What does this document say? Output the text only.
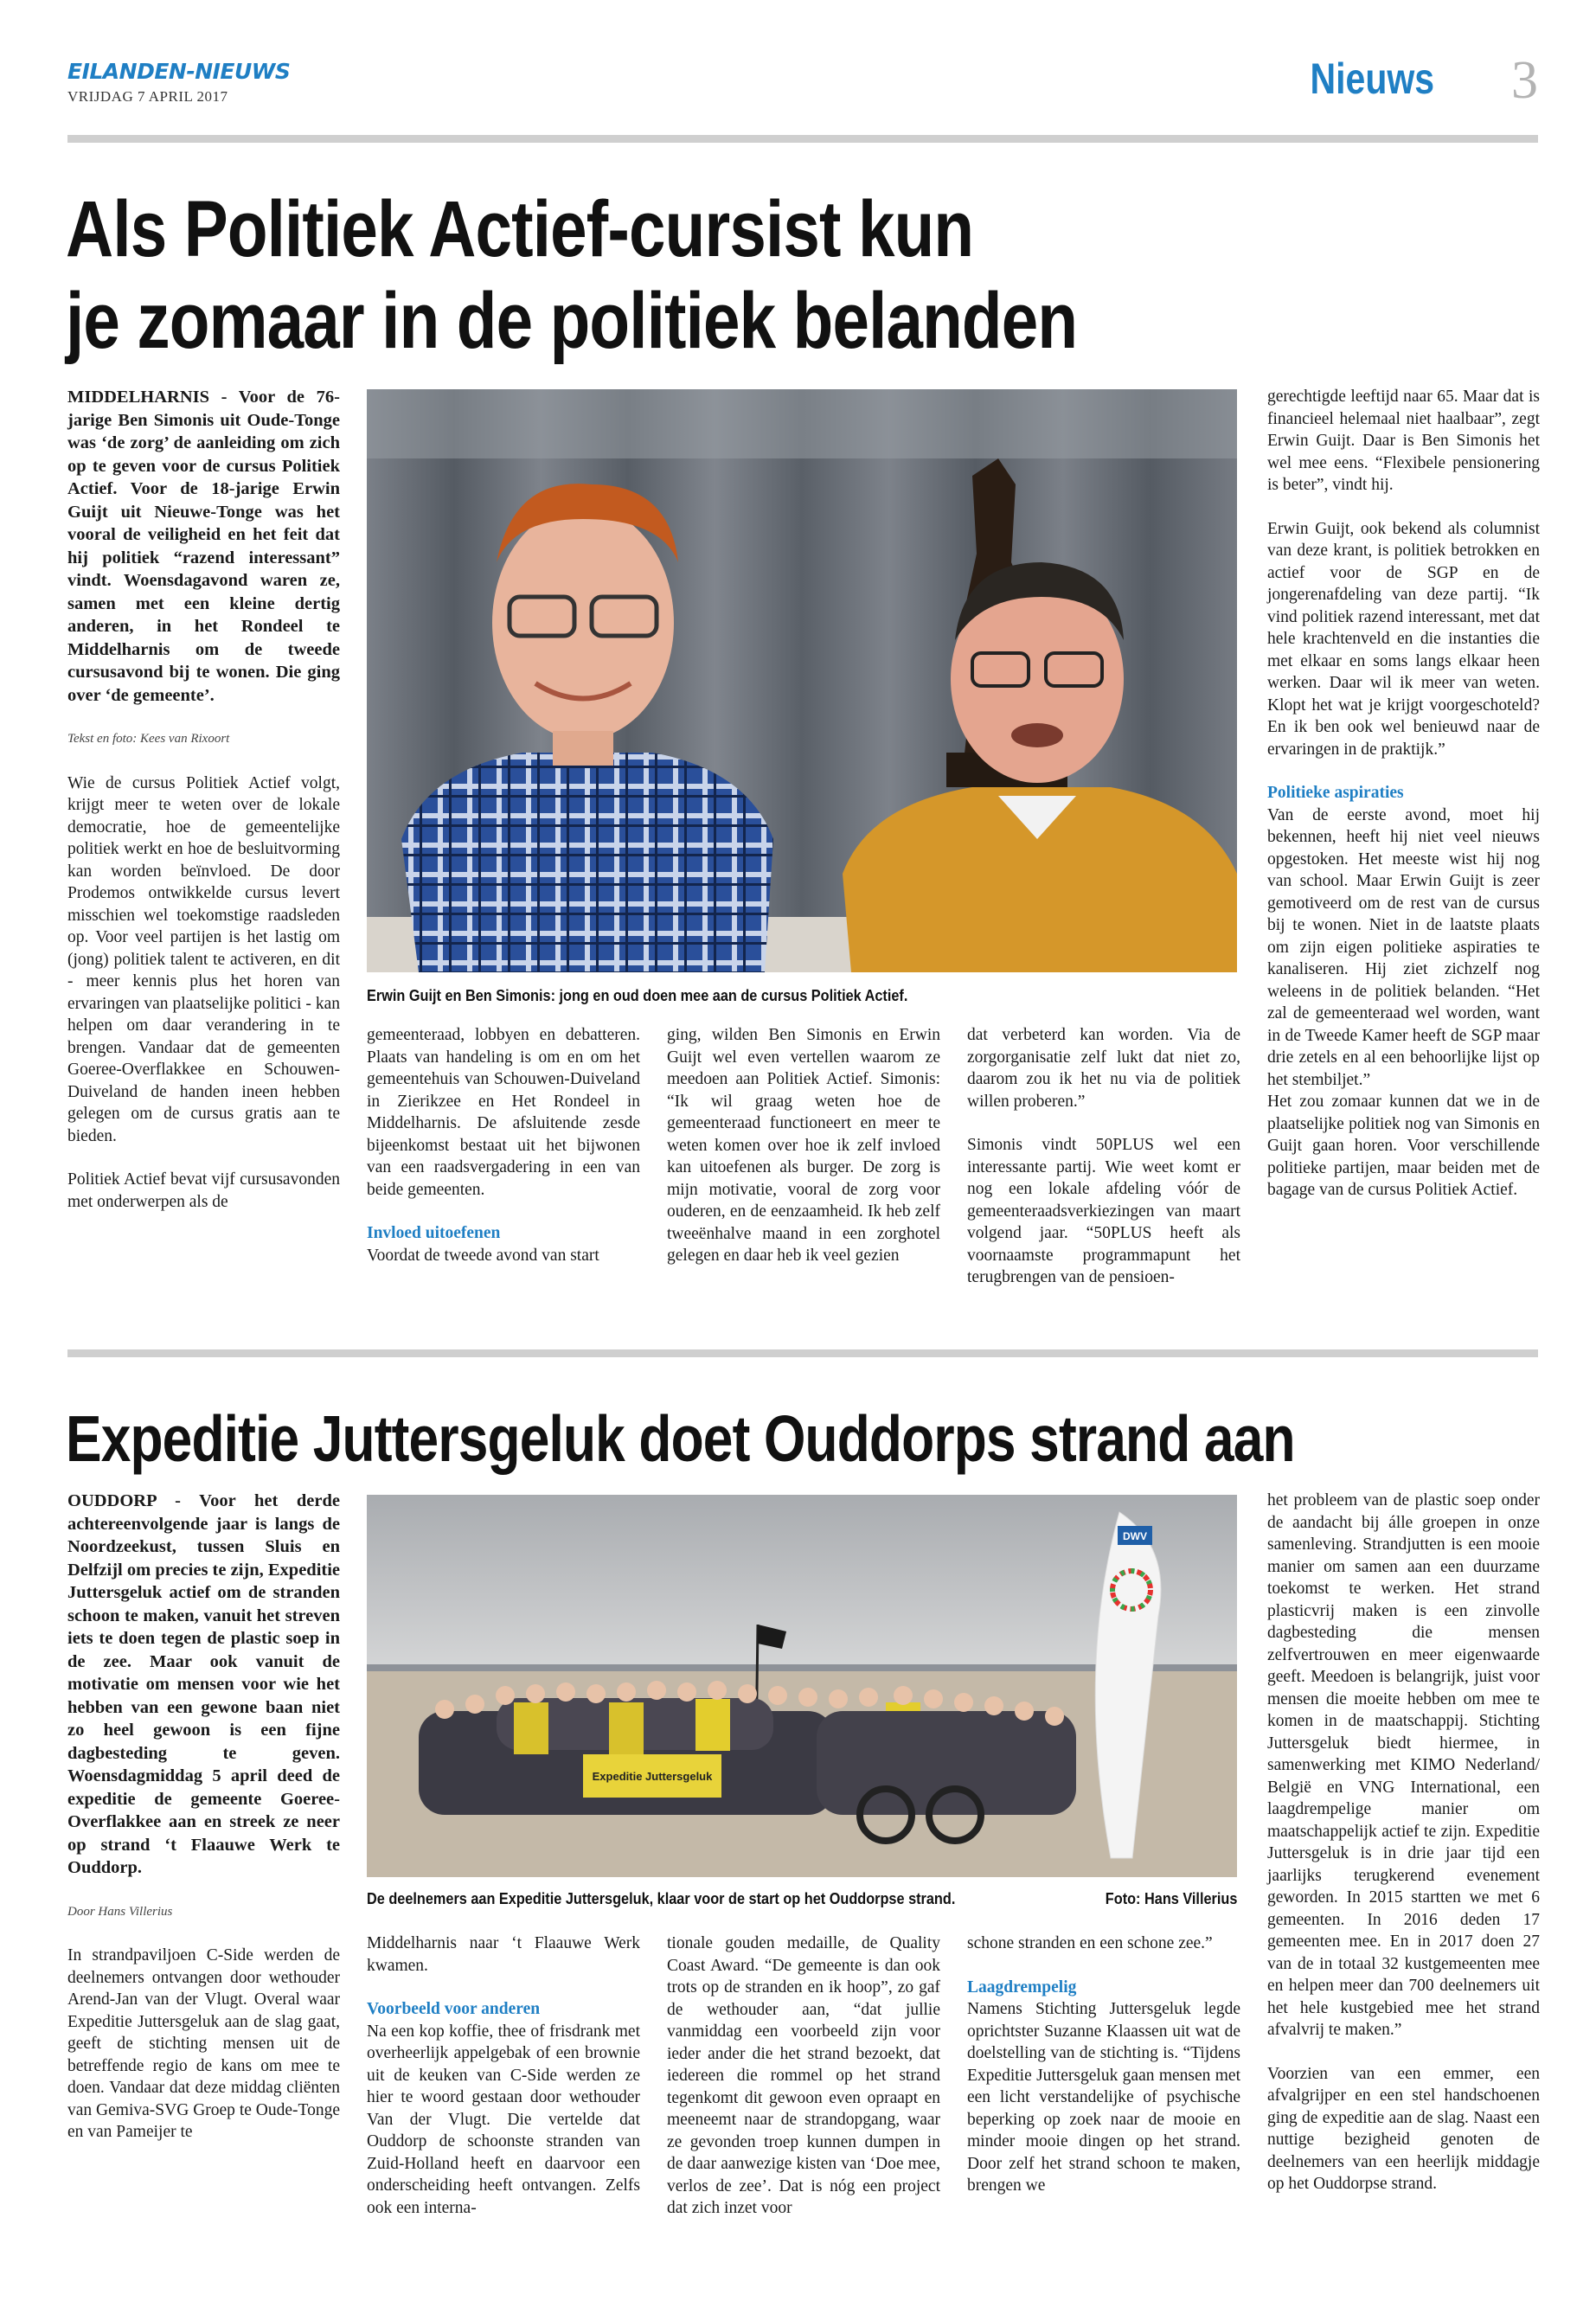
EILANDEN-NIEUWS
VRIJDAG 7 APRIL 2017	Nieuws 3
Als Politiek Actief-cursist kun
je zomaar in de politiek belanden

MIDDELHARNIS - Voor de 76-jarige Ben Simonis uit Oude-Tonge was ‘de zorg’ de aanleiding om zich op te geven voor de cursus Politiek Actief. Voor de 18-jarige Erwin Guijt uit Nieuwe-Tonge was het vooral de veiligheid en het feit dat hij politiek “razend interessant” vindt. Woensdagavond waren ze, samen met een kleine dertig anderen, in het Rondeel te Middelharnis om de tweede cursusavond bij te wonen. Die ging over ‘de gemeente’.

Tekst en foto: Kees van Rixoort

Wie de cursus Politiek Actief volgt, krijgt meer te weten over de lokale democratie, hoe de gemeentelijke politiek werkt en hoe de besluitvorming kan worden beïnvloed. De door Prodemos ontwikkelde cursus levert misschien wel toekomstige raadsleden op. Voor veel partijen is het lastig om (jong) politiek talent te activeren, en dit - meer kennis plus het horen van ervaringen van plaatselijke politici - kan helpen om daar verandering in te brengen. Vandaar dat de gemeenten Goeree-Overflakkee en Schouwen-Duiveland de handen ineen hebben gelegen om de cursus gratis aan te bieden.

Politiek Actief bevat vijf cursusavonden met onderwerpen als de

Erwin Guijt en Ben Simonis: jong en oud doen mee aan de cursus Politiek Actief.

gemeenteraad, lobbyen en debatteren. Plaats van handeling is om en om het gemeentehuis van Schouwen-Duiveland in Zierikzee en Het Rondeel in Middelharnis. De afsluitende zesde bijeenkomst bestaat uit het bijwonen van een raadsvergadering in een van beide gemeenten.

Invloed uitoefenen
Voordat de tweede avond van start

ging, wilden Ben Simonis en Erwin Guijt wel even vertellen waarom ze meedoen aan Politiek Actief. Simonis: “Ik wil graag weten hoe de gemeenteraad functioneert en meer te weten komen over hoe ik zelf invloed kan uitoefenen als burger. De zorg is mijn motivatie, vooral de zorg voor ouderen, en de eenzaamheid. Ik heb zelf tweeënhalve maand in een zorghotel gelegen en daar heb ik veel gezien

dat verbeterd kan worden. Via de zorgorganisatie zelf lukt dat niet zo, daarom zou ik het nu via de politiek willen proberen.”

Simonis vindt 50PLUS wel een interessante partij. Wie weet komt er nog een lokale afdeling vóór de gemeenteraadsverkiezingen van maart volgend jaar. “50PLUS heeft als voornaamste programmapunt het terugbrengen van de pensioen-

gerechtigde leeftijd naar 65. Maar dat is financieel helemaal niet haalbaar”, zegt Erwin Guijt. Daar is Ben Simonis het wel mee eens. “Flexibele pensionering is beter”, vindt hij.

Erwin Guijt, ook bekend als columnist van deze krant, is politiek betrokken en actief voor de SGP en de jongerenafdeling van deze partij. “Ik vind politiek razend interessant, met dat hele krachtenveld en die instanties die met elkaar en soms langs elkaar heen werken. Daar wil ik meer van weten. Klopt het wat je krijgt voorgeschoteld? En ik ben ook wel benieuwd naar de ervaringen in de praktijk.”

Politieke aspiraties
Van de eerste avond, moet hij bekennen, heeft hij niet veel nieuws opgestoken. Het meeste wist hij nog van school. Maar Erwin Guijt is zeer gemotiveerd om de rest van de cursus bij te wonen. Niet in de laatste plaats om zijn eigen politieke aspiraties te kanaliseren. Hij ziet zichzelf nog weleens in de politiek belanden. “Het zal de gemeenteraad wel worden, want in de Tweede Kamer heeft de SGP maar drie zetels en al een behoorlijke lijst op het stembiljet.”

Het zou zomaar kunnen dat we in de plaatselijke politiek nog van Simonis en Guijt gaan horen. Voor verschillende politieke partijen, maar beiden met de bagage van de cursus Politiek Actief.

Expeditie Juttersgeluk doet Ouddorps strand aan

OUDDORP - Voor het derde achtereenvolgende jaar is langs de Noordzeekust, tussen Sluis en Delfzijl om precies te zijn, Expeditie Juttersgeluk actief om de stranden schoon te maken, vanuit het streven iets te doen tegen de plastic soep in de zee. Maar ook vanuit de motivatie om mensen voor wie het hebben van een gewone baan niet zo heel gewoon is een fijne dagbesteding te geven. Woensdagmiddag 5 april deed de expeditie de gemeente Goeree-Overflakkee aan en streek ze neer op strand ‘t Flaauwe Werk te Ouddorp.

Door Hans Villerius

In strandpaviljoen C-Side werden de deelnemers ontvangen door wethouder Arend-Jan van der Vlugt. Overal waar Expeditie Juttersgeluk aan de slag gaat, geeft de stichting mensen uit de betreffende regio de kans om mee te doen. Vandaar dat deze middag cliënten van Gemiva-SVG Groep te Oude-Tonge en van Pameijer te

DWV
Expeditie Juttersgeluk
De deelnemers aan Expeditie Juttersgeluk, klaar voor de start op het Ouddorpse strand.	Foto: Hans Villerius

Middelharnis naar ‘t Flaauwe Werk kwamen.

Voorbeeld voor anderen
Na een kop koffie, thee of frisdrank met overheerlijk appelgebak of een brownie uit de keuken van C-Side werden ze hier te woord gestaan door wethouder Van der Vlugt. Die vertelde dat Ouddorp de schoonste stranden van Zuid-Holland heeft en daarvoor een onderscheiding heeft ontvangen. Zelfs ook een interna-

tionale gouden medaille, de Quality Coast Award. “De gemeente is dan ook trots op de stranden en ik hoop”, zo gaf de wethouder aan, “dat jullie vanmiddag een voorbeeld zijn voor ieder ander die het strand bezoekt, dat iedereen die rommel op het strand tegenkomt dit gewoon even opraapt en meeneemt naar de strandopgang, waar ze gevonden troep kunnen dumpen in de daar aanwezige kisten van ‘Doe mee, verlos de zee’. Dat is nóg een project dat zich inzet voor

schone stranden en een schone zee.”

Laagdrempelig
Namens Stichting Juttersgeluk legde oprichtster Suzanne Klaassen uit wat de doelstelling van de stichting is. “Tijdens Expeditie Juttersgeluk gaan mensen met een licht verstandelijke of psychische beperking op zoek naar de mooie en minder mooie dingen op het strand. Door zelf het strand schoon te maken, brengen we

het probleem van de plastic soep onder de aandacht bij álle groepen in onze samenleving. Strandjutten is een mooie manier om samen aan een duurzame toekomst te werken. Het strand plasticvrij maken is een zinvolle dagbesteding die mensen zelfvertrouwen en meer eigenwaarde geeft. Meedoen is belangrijk, juist voor mensen die moeite hebben om mee te komen in de maatschappij. Stichting Juttersgeluk biedt hiermee, in samenwerking met KIMO Nederland/ België en VNG International, een laagdrempelige manier om maatschappelijk actief te zijn. Expeditie Juttersgeluk is in drie jaar tijd een jaarlijks terugkerend evenement geworden. In 2015 startten we met 6 gemeenten. In 2016 deden 17 gemeenten mee. En in 2017 doen 27 van de in totaal 32 kustgemeenten mee en helpen meer dan 700 deelnemers uit het hele kustgebied mee het strand afvalvrij te maken.”

Voorzien van een emmer, een afvalgrijper en een stel handschoenen ging de expeditie aan de slag. Naast een nuttige bezigheid genoten de deelnemers van een heerlijk middagje op het Ouddorpse strand.
